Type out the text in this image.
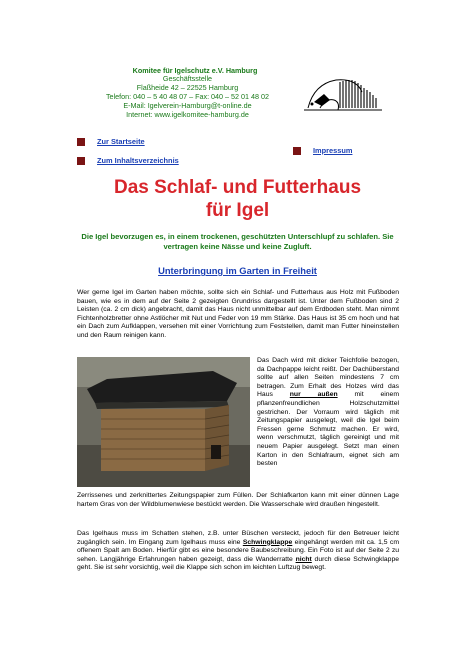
Komitee für Igelschutz e.V. Hamburg
Geschäftsstelle
Flaßheide 42 – 22525 Hamburg
Telefon: 040 – 5 40 48 07 – Fax: 040 – 52 01 48 02
E-Mail: Igelverein-Hamburg@t-online.de
Internet: www.igelkomitee-hamburg.de
Zur Startseite
Zum Inhaltsverzeichnis
Impressum
Das Schlaf- und Futterhaus
für Igel
Die Igel bevorzugen es, in einem trockenen, geschützten Unterschlupf zu schlafen. Sie vertragen keine Nässe und keine Zugluft.
Unterbringung im Garten in Freiheit
Wer gerne Igel im Garten haben möchte, sollte sich ein Schlaf- und Futterhaus aus Holz mit Fußboden bauen, wie es in dem auf der Seite 2 gezeigten Grundriss dargestellt ist. Unter dem Fußboden sind 2 Leisten (ca. 2 cm dick) angebracht, damit das Haus nicht unmittelbar auf dem Erdboden steht. Man nimmt Fichtenholzbretter ohne Astlöcher mit Nut und Feder von 19 mm Stärke. Das Haus ist 35 cm hoch und hat ein Dach zum Aufklappen, versehen mit einer Vorrichtung zum Feststellen, damit man Futter hineinstellen und den Raum reinigen kann.
Das Dach wird mit dicker Teichfolie bezogen, da Dachpappe leicht reißt. Der Dachüberstand sollte auf allen Seiten mindestens 7 cm betragen. Zum Erhalt des Holzes wird das Haus nur außen mit einem pflanzenfreundlichen Holzschutzmittel gestrichen. Der Vorraum wird täglich mit Zeitungspapier ausgelegt, weil die Igel beim Fressen gerne Schmutz machen. Er wird, wenn verschmutzt, täglich gereinigt und mit neuem Papier ausgelegt. Setzt man einen Karton in den Schlafraum, eignet sich am besten
Zerrissenes und zerknittertes Zeitungspapier zum Füllen. Der Schlafkarton kann mit einer dünnen Lage hartem Gras von der Wildblumenwiese bestückt werden. Die Wasserschale wird draußen hingestellt.
Das Igelhaus muss im Schatten stehen, z.B. unter Büschen versteckt, jedoch für den Betreuer leicht zugänglich sein. Im Eingang zum Igelhaus muss eine Schwingklappe eingehängt werden mit ca. 1,5 cm offenem Spalt am Boden. Hierfür gibt es eine besondere Baubeschreibung. Ein Foto ist auf der Seite 2 zu sehen. Langjährige Erfahrungen haben gezeigt, dass die Wanderratte nicht durch diese Schwingklappe geht. Sie ist sehr vorsichtig, weil die Klappe sich schon im leichten Luftzug bewegt.
